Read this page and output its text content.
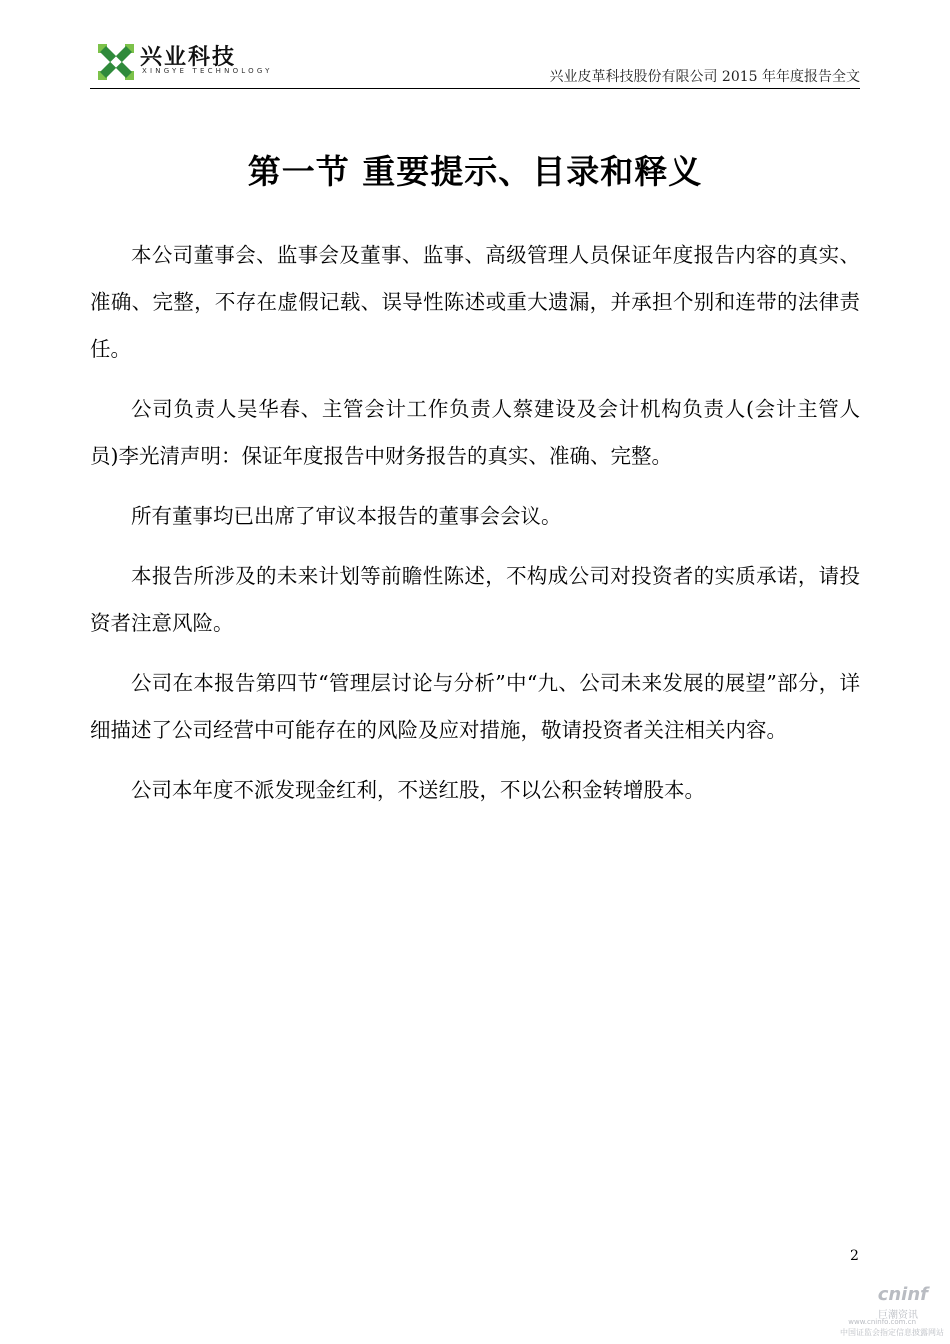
兴业科技
XINGYE TECHNOLOGY	兴业皮革科技股份有限公司 2015 年年度报告全文
第一节 重要提示、目录和释义

本公司董事会、监事会及董事、监事、高级管理人员保证年度报告内容的真实、准确、完整，不存在虚假记载、误导性陈述或重大遗漏，并承担个别和连带的法律责任。

公司负责人吴华春、主管会计工作负责人蔡建设及会计机构负责人(会计主管人员)李光清声明：保证年度报告中财务报告的真实、准确、完整。

所有董事均已出席了审议本报告的董事会会议。

本报告所涉及的未来计划等前瞻性陈述，不构成公司对投资者的实质承诺，请投资者注意风险。

公司在本报告第四节“管理层讨论与分析”中“九、公司未来发展的展望”部分，详细描述了公司经营中可能存在的风险及应对措施，敬请投资者关注相关内容。

公司本年度不派发现金红利，不送红股，不以公积金转增股本。

2
cninf
巨潮资讯
www.cninfo.com.cn
中国证监会指定信息披露网站
